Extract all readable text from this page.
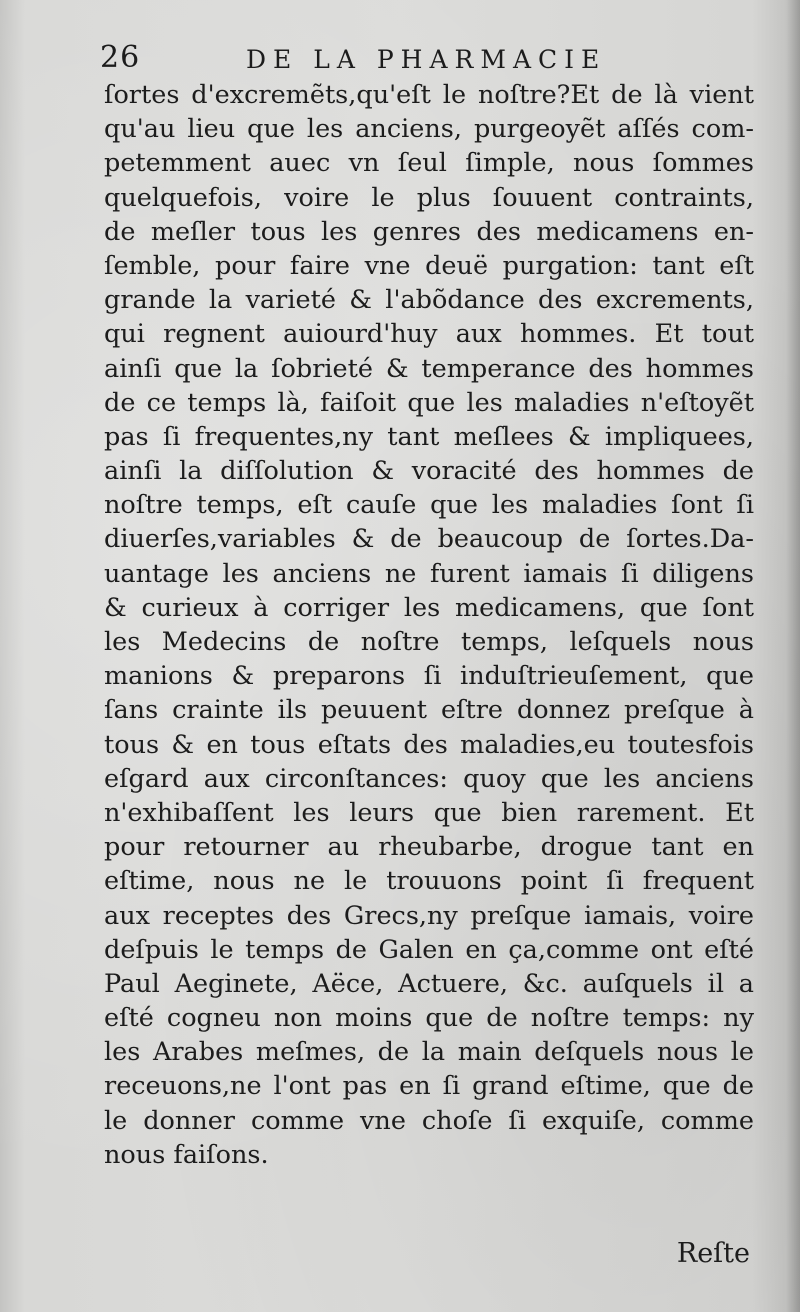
26	DE LA PHARMACIE
ſortes d'excremẽts,qu'eſt le noſtre?Et de là vient
qu'au lieu que les anciens, purgeoyẽt aſſés com-
petemment auec vn ſeul ſimple, nous ſommes
quelquefois, voire le plus ſouuent contraints,
de meſler tous les genres des medicamens en-
ſemble, pour faire vne deuë purgation: tant eſt
grande la varieté & l'abõdance des excrements,
qui regnent auiourd'huy aux hommes. Et tout
ainſi que la ſobrieté & temperance des hommes
de ce temps là, faiſoit que les maladies n'eſtoyẽt
pas ſi frequentes,ny tant meſlees & impliquees,
ainſi la diſſolution & voracité des hommes de
noſtre temps, eſt cauſe que les maladies ſont ſi
diuerſes,variables & de beaucoup de ſortes.Da-
uantage les anciens ne furent iamais ſi diligens
& curieux à corriger les medicamens, que ſont
les Medecins de noſtre temps, leſquels nous
manions & preparons ſi induſtrieuſement, que
ſans crainte ils peuuent eſtre donnez preſque à
tous & en tous eſtats des maladies,eu toutesfois
eſgard aux circonſtances: quoy que les anciens
n'exhibaſſent les leurs que bien rarement. Et
pour retourner au rheubarbe, drogue tant en
eſtime, nous ne le trouuons point ſi frequent
aux receptes des Grecs,ny preſque iamais, voire
deſpuis le temps de Galen en ça,comme ont eſté
Paul Aeginete, Aëce, Actuere, &c. auſquels il a
eſté cogneu non moins que de noſtre temps: ny
les Arabes meſmes, de la main deſquels nous le
receuons,ne l'ont pas en ſi grand eſtime, que de
le donner comme vne choſe ſi exquiſe, comme
nous faiſons.
Reſte
